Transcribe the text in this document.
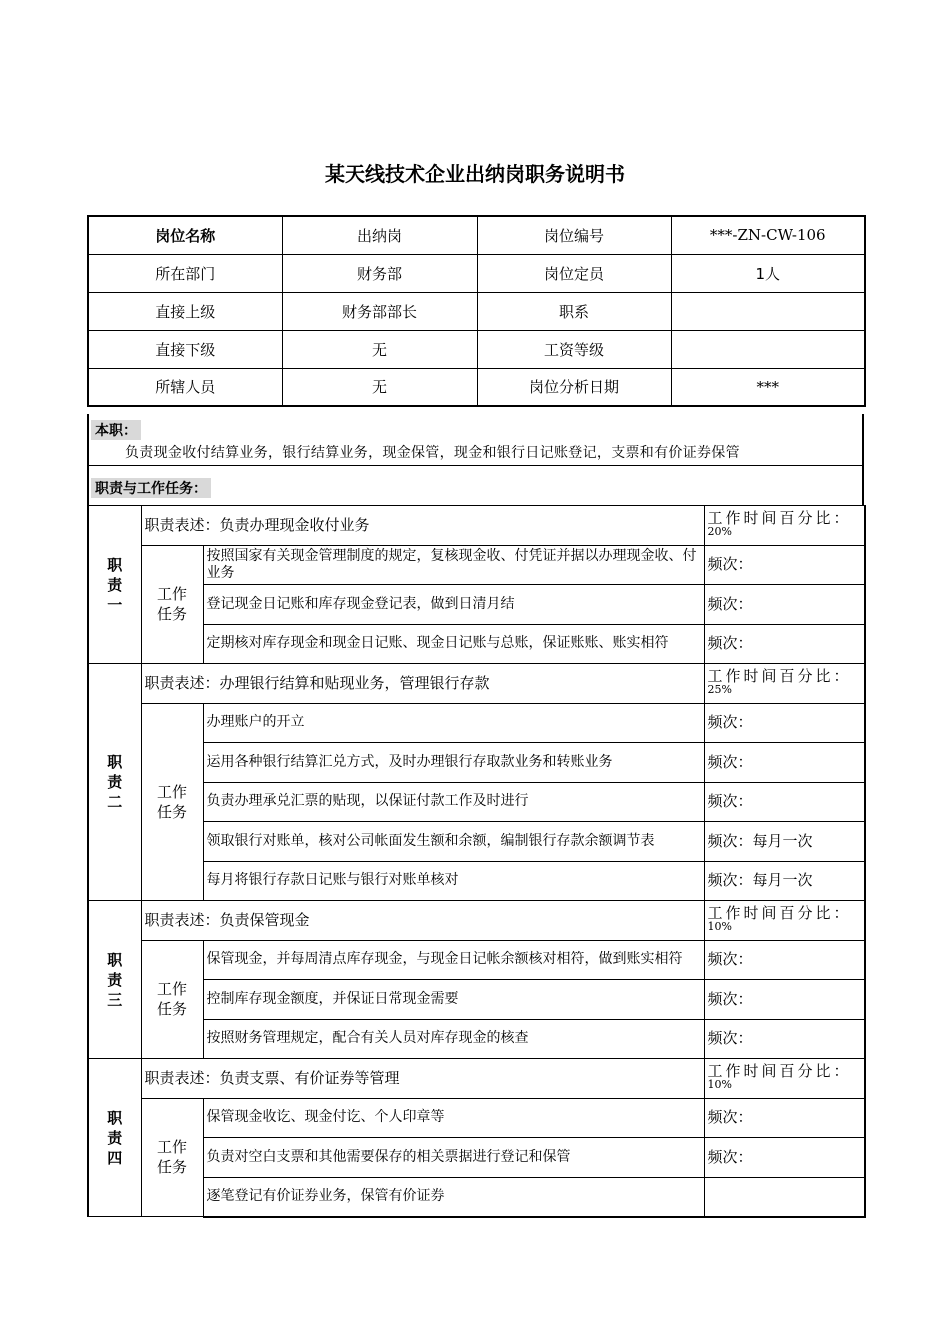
某天线技术企业出纳岗职务说明书
岗位名称	出纳岗	岗位编号	***-ZN-CW-106
所在部门	财务部	岗位定员	1人
直接上级	财务部部长	职系	
直接下级	无	工资等级	
所辖人员	无	岗位分析日期	***
本职：
负责现金收付结算业务，银行结算业务，现金保管，现金和银行日记账登记，支票和有价证券保管
职责与工作任务：
职责一	职责表述：负责办理现金收付业务		工作时间百分比：
20%

	工作任务	按照国家有关现金管理制度的规定，复核现金收、付凭证并据以办理现金收、付业务	频次：
		登记现金日记账和库存现金登记表，做到日清月结	频次：
		定期核对库存现金和现金日记账、现金日记账与总账，保证账账、账实相符	频次：
职责二	职责表述：办理银行结算和贴现业务，管理银行存款		工作时间百分比：
25%

	工作任务	办理账户的开立	频次：
		运用各种银行结算汇兑方式，及时办理银行存取款业务和转账业务	频次：
		负责办理承兑汇票的贴现，以保证付款工作及时进行	频次：
		领取银行对账单，核对公司帐面发生额和余额，编制银行存款余额调节表	频次：每月一次
		每月将银行存款日记账与银行对账单核对	频次：每月一次
职责三	职责表述：负责保管现金		工作时间百分比：
10%

	工作任务	保管现金，并每周清点库存现金，与现金日记帐余额核对相符，做到账实相符	频次：
		控制库存现金额度，并保证日常现金需要	频次：
		按照财务管理规定，配合有关人员对库存现金的核查	频次：
职责四	职责表述：负责支票、有价证券等管理		工作时间百分比：
10%

	工作任务	保管现金收讫、现金付讫、个人印章等	频次：
		负责对空白支票和其他需要保存的相关票据进行登记和保管	频次：
		逐笔登记有价证券业务，保管有价证券	
